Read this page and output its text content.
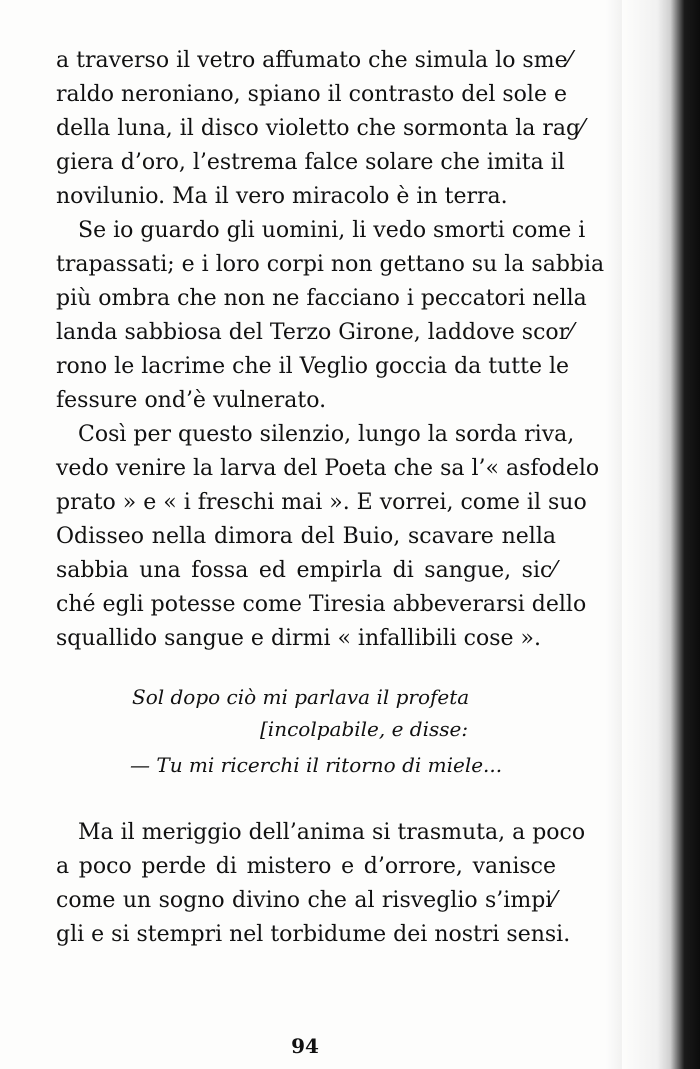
a traverso il vetro affumato che simula lo sme⁄
raldo neroniano, spiano il contrasto del sole e
della luna, il disco violetto che sormonta la rag⁄
giera d’oro, l’estrema falce solare che imita il
novilunio. Ma il vero miracolo è in terra.
Se io guardo gli uomini, li vedo smorti come i
trapassati; e i loro corpi non gettano su la sabbia
più ombra che non ne facciano i peccatori nella
landa sabbiosa del Terzo Girone, laddove scor⁄
rono le lacrime che il Veglio goccia da tutte le
fessure ond’è vulnerato.
Così per questo silenzio, lungo la sorda riva,
vedo venire la larva del Poeta che sa l’« asfodelo
prato » e « i freschi mai ». E vorrei, come il suo
Odisseo nella dimora del Buio, scavare nella
sabbia una fossa ed empirla di sangue, sic⁄
ché egli potesse come Tiresia abbeverarsi dello
squallido sangue e dirmi « infallibili cose ».
Sol dopo ciò mi parlava il profeta
[incolpabile, e disse:
— Tu mi ricerchi il ritorno di miele...
Ma il meriggio dell’anima si trasmuta, a poco
a poco perde di mistero e d’orrore, vanisce
come un sogno divino che al risveglio s’impi⁄
gli e si stempri nel torbidume dei nostri sensi.
94
